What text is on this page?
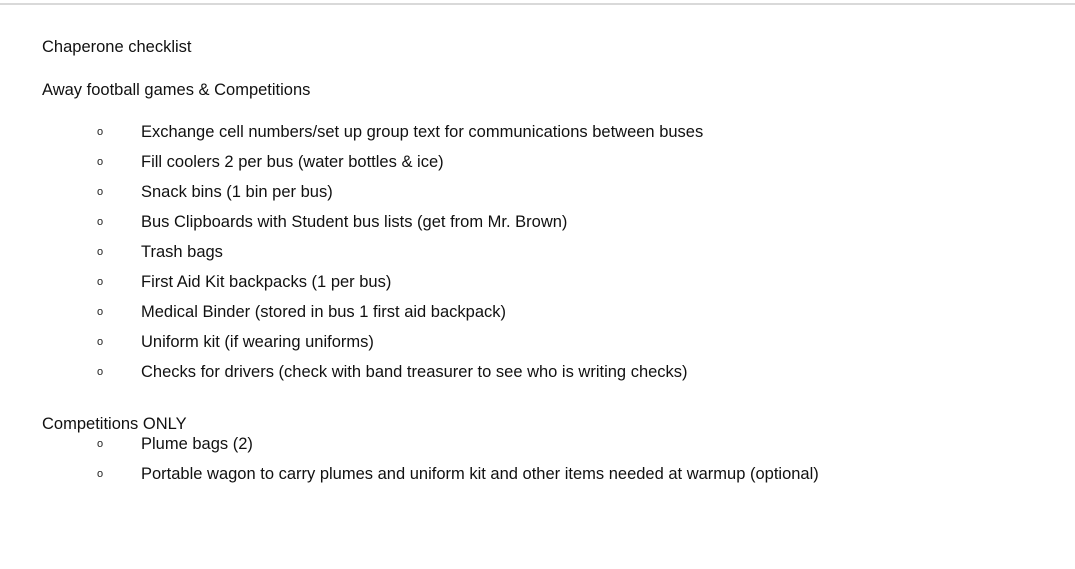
Chaperone checklist
Away football games & Competitions
o Exchange cell numbers/set up group text for communications between buses
o Fill coolers 2 per bus (water bottles & ice)
o Snack bins (1 bin per bus)
o Bus Clipboards with Student bus lists (get from Mr. Brown)
o Trash bags
o First Aid Kit backpacks (1 per bus)
o Medical Binder (stored in bus 1 first aid backpack)
o Uniform kit (if wearing uniforms)
o Checks for drivers (check with band treasurer to see who is writing checks)
Competitions ONLY
o Plume bags (2)
o Portable wagon to carry plumes and uniform kit and other items needed at warmup (optional)
